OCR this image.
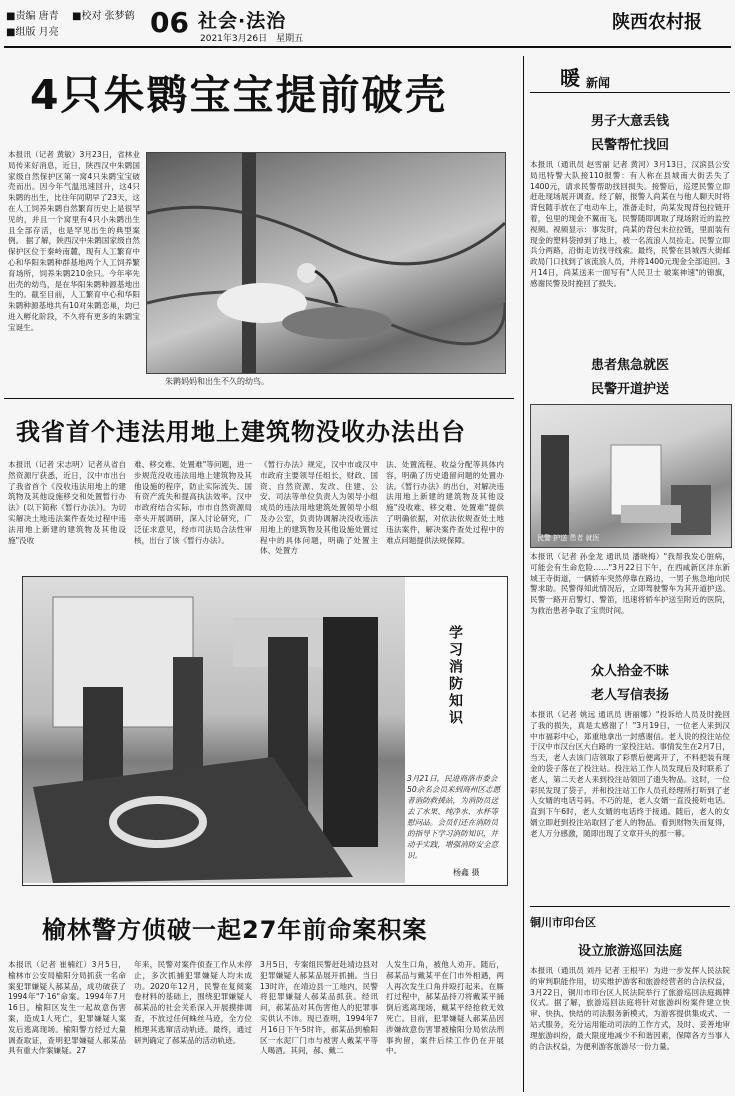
■责编 唐青 ■校对 张梦鹤
■组版 月亮	06 社会·法治
2021年3月26日　星期五
陕西农村报
4只朱鹮宝宝提前破壳
本报讯（记者 黄敏）3月23日，省林业局传来好消息，近日，陕西汉中朱鹮国家级自然保护区第一窝4只朱鹮宝宝破壳而出。因今年气温迅速回升，这4只朱鹮的出生，比往年同期早了23天，这在人工饲养朱鹮自然繁育历史上是很罕见的，并且一个窝里有4只小朱鹮出生且全部存活，也是罕见出生的典型案例。 据了解，陕西汉中朱鹮国家级自然保护区位于秦岭南麓，现有人工繁育中心和华阳朱鹮种群基地两个人工饲养繁育场所，饲养朱鹮210余只。今年率先出壳的幼鸟，是在华阳朱鹮种源基地出生的。截至目前，人工繁育中心和华阳朱鹮种源基地共有10对朱鹮恋巢，均已进入孵化阶段，不久将有更多的朱鹮宝宝诞生。
朱鹮妈妈和出生不久的幼鸟。
我省首个违法用地上建筑物没收办法出台
本报讯（记者 宋志明）记者从省自然资源厅获悉，近日，汉中市出台了我省首个《没收违法用地上的建筑物及其他设施移交和处置暂行办法》(以下简称《暂行办法》)。为切实解决土地违法案件查处过程中违法用地上新建的建筑物及其他设施"没收
难、移交难、处置难"等问题，进一步规范没收违法用地上建筑物及其他设施的程序，防止实际流失、国有资产流失和提高执法效率。汉中市政府结合实际，市市自然资源局牵头开展调研，深入讨论研究，广泛征求意见，经市司法局合法性审核，出台了该《暂行办法》。
《暂行办法》规定，汉中市或汉中市政府主要领导任组长，财政、国资、自然资源、发改、住建、公安、司法等单位负责人为领导小组成员的违法用地建筑处置领导小组及办公室，负责协调解决没收违法用地上的建筑物及其他设施处置过程中的具体问题，明确了处置主体、处置方
法、处置流程、收益分配等具体内容，明确了历史遗留问题的处置办法。《暂行办法》的出台，对解决违法用地上新建的建筑物及其他设施"没收难、移交难、处置难"提供了明确依据，对依法依规查处土地违法案件，解决案件查处过程中的难点问题提供法规保障。
学习消防知识
3月21日，民进商洛市委会50余名会员来到商州区志愿者消防救援站，为消防员送去了水果、纯净水、水杯等慰问品。会员们还在消防员的指导下学习消防知识，并动手实践，增强消防安全意识。
杨鑫 摄
榆林警方侦破一起27年前命案积案
本报讯（记者 崔楠红）3月5日，榆林市公安局榆阳分局抓获一名命案犯罪嫌疑人郝某品，成功破获了1994年"7·16"命案。1994年7月16日，榆阳区发生一起故意伤害案，造成1人死亡，犯罪嫌疑人案发后逃离现场。榆阳警方经过大量调查取证，查明犯罪嫌疑人郝某品具有重大作案嫌疑。27
年来，民警对案件侦查工作从未停止，多次抓捕犯罪嫌疑人均未成功。2020年12月，民警在复阅案卷材料的基础上，围绕犯罪嫌疑人郝某品的社会关系深入开展摸排调查，不放过任何蛛丝马迹，全方位梳理其逃窜活动轨迹。最终，通过研判确定了郝某品的活动轨迹。
3月5日，专案组民警赶赴靖边县对犯罪嫌疑人郝某品展开抓捕。当日13时许，在靖边县一工地内，民警将犯罪嫌疑人郝某品抓获。经讯问，郝某品对其伤害他人的犯罪事实供认不讳。现已查明，1994年7月16日下午5时许，郝某品到榆阳区一水泥厂门市与被害人戴某平等人喝酒。其间，郝、戴二
人发生口角，被他人劝开。随后，郝某品与戴某平在门市外相遇，两人再次发生口角并殴打起来。在厮打过程中，郝某品持刀将戴某平捅倒后逃离现场，戴某平经抢救无效死亡。目前，犯罪嫌疑人郝某品因涉嫌故意伤害罪被榆阳分局依法刑事拘留，案件后续工作仍在开展中。
暖 新闻
男子大意丢钱
民警帮忙找回
本报讯（通讯员 赵雪丽 记者 黄河）3月13日，汉滨县公安局迅特警大队接110报警：有人称在县城南大街丢失了1400元，请求民警帮助找回损失。接警后，巡逻民警立即赶赴现场展开调查。经了解，报警人尚某在与他人聊天时将背包随手放在了电动车上，准备走时，尚某发现背包拉链开着，包里的现金不翼而飞。民警随即调取了现场附近的监控视频。视频显示：事发时，尚某的背包未拉拉链，里面装有现金的塑料袋掉到了地上，被一名流浪人员捡走。民警立即兵分两路，沿街走访找寻线索。最终，民警在县城西大街邮政局门口找到了该流浪人员，并将1400元现金全部追回。3月14日，尚某送来一面写有"人民卫士 破案神速"的锦旗，感谢民警及时挽回了损失。
患者焦急就医
民警开道护送
民警 护送 患者 就医
本报讯（记者 孙金龙 通讯员 潘晓梅）"我帮我发心脏病，可能会有生命危险……"3月22日下午，在西咸新区沣东新城王寺街道，一辆轿车突然停靠在路边，一男子焦急地向民警求助。民警得知此情况后，立即驾驶警车为其开道护送。民警一路开启警灯、警笛，迅速将轿车护送至附近的医院，为救治患者争取了宝贵时间。
众人拾金不昧
老人写信表扬
本报讯（记者 姚远 通讯员 唐丽娜）"投诉给人员及时挽回了我的损失，真是太感谢了！"3月19日，一位老人来到汉中市福彩中心，郑重地拿出一封感谢信。老人说的投注站位于汉中市汉台区大白路的一家投注站。事情发生在2月7日，当天，老人去该门店领取了彩票后便离开了，不料把装有现金的袋子落在了投注站。投注站工作人员发现后及时联系了老人，第二天老人来到投注站领回了遗失物品。这时，一位彩民发现了袋子，并和投注站工作人员孔经理所打听到了老人女婿的电话号码。不巧的是，老人女婿一直没接听电话。直到下午6时，老人女婿的电话终于接通。随后，老人的女婿立即赶到投注站取回了老人的物品。看到财物失而复得，老人万分感激，随即出现了文章开头的那一幕。
铜川市印台区
设立旅游巡回法庭
本报讯（通讯员 刘丹 记者 王根平）为进一步发挥人民法院的审判职能作用，切实维护游客和旅游经营者的合法权益，3月22日，铜川市印台区人民法院举行了旅游巡回法庭揭牌仪式。据了解，旅游巡回法庭将针对旅游纠纷案件建立快审、快执、快结的司法服务新模式，为游客提供集成式、一站式服务，充分运用能动司法的工作方式，及时、妥善地审理旅游纠纷，最大限度地减少不和谐因素，保障各方当事人的合法权益，为便利游客旅游尽一份力量。
